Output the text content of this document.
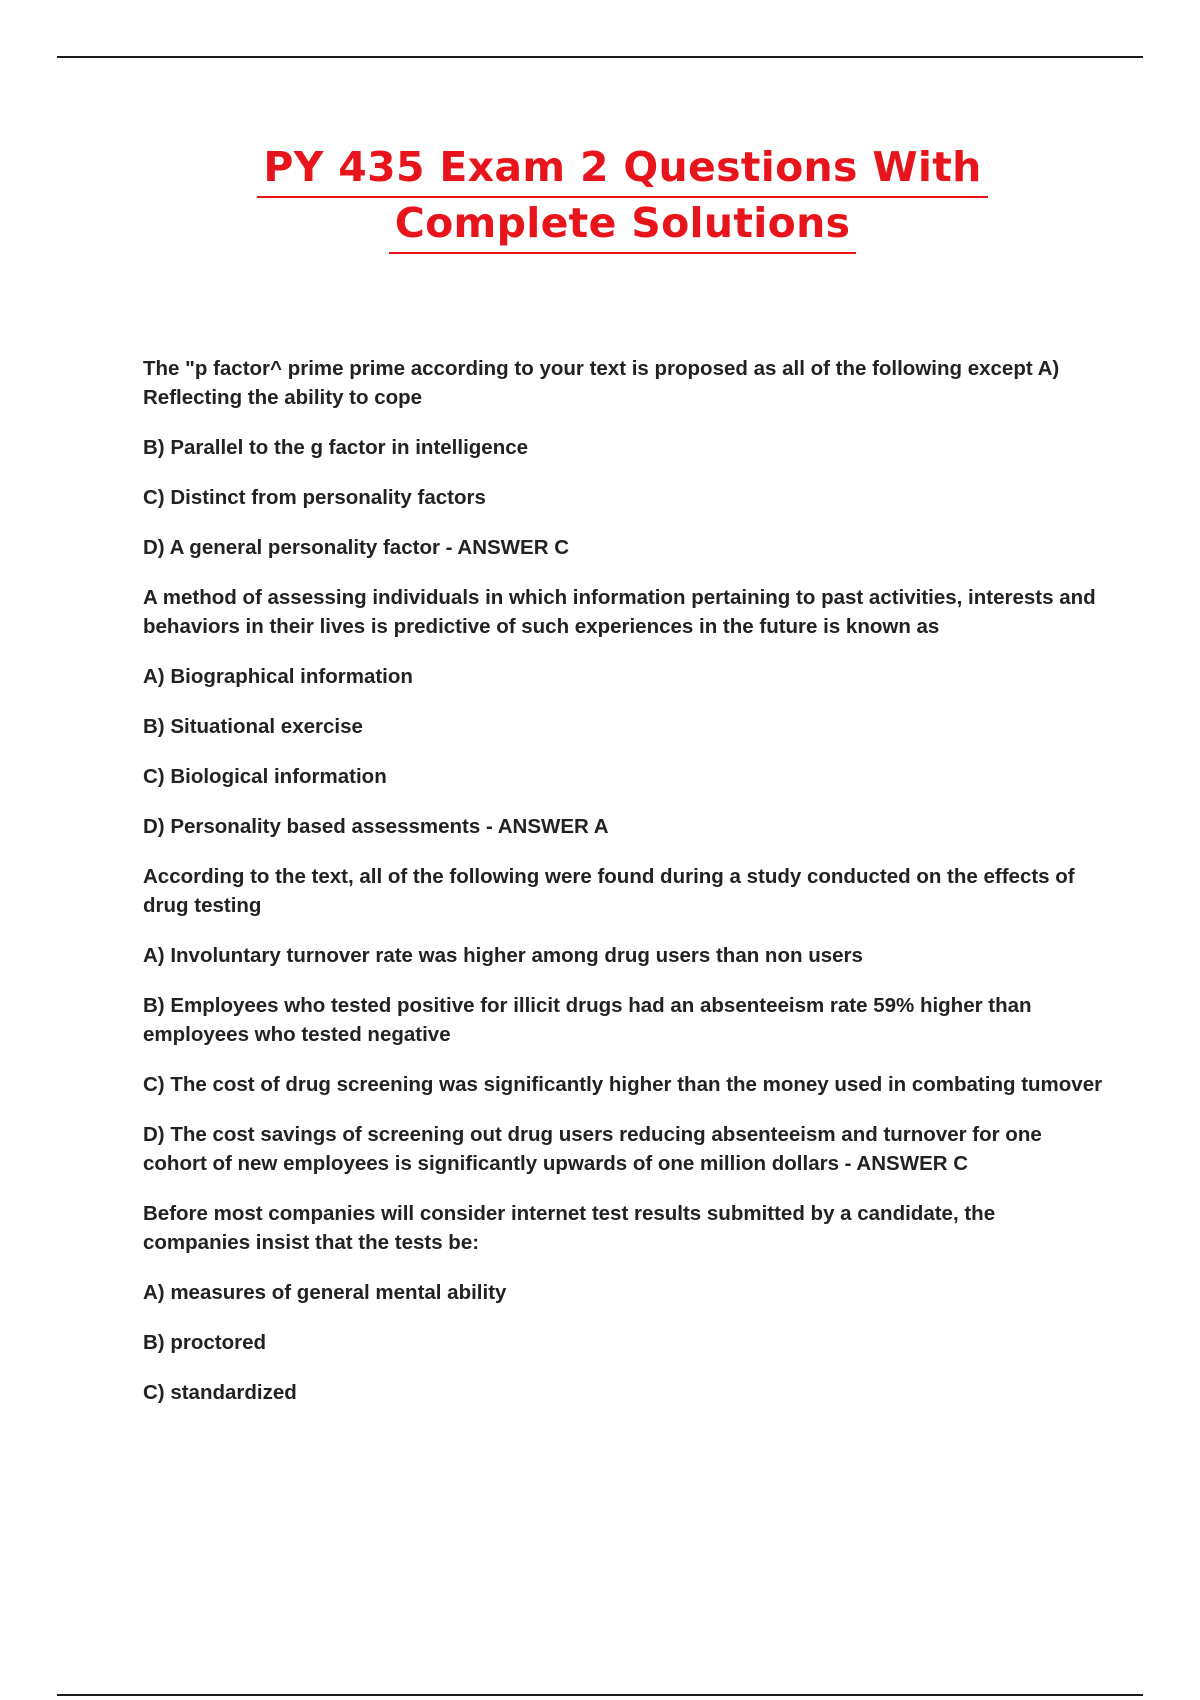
PY 435 Exam 2 Questions With
Complete Solutions

The "p factor^ prime prime according to your text is proposed as all of the following except A) Reflecting the ability to cope

B) Parallel to the g factor in intelligence

C) Distinct from personality factors

D) A general personality factor - ANSWER C

A method of assessing individuals in which information pertaining to past activities, interests and behaviors in their lives is predictive of such experiences in the future is known as

A) Biographical information

B) Situational exercise

C) Biological information

D) Personality based assessments - ANSWER A

According to the text, all of the following were found during a study conducted on the effects of drug testing

A) Involuntary turnover rate was higher among drug users than non users

B) Employees who tested positive for illicit drugs had an absenteeism rate 59% higher than employees who tested negative

C) The cost of drug screening was significantly higher than the money used in combating tumover

D) The cost savings of screening out drug users reducing absenteeism and turnover for one cohort of new employees is significantly upwards of one million dollars - ANSWER C

Before most companies will consider internet test results submitted by a candidate, the companies insist that the tests be:

A) measures of general mental ability

B) proctored

C) standardized
